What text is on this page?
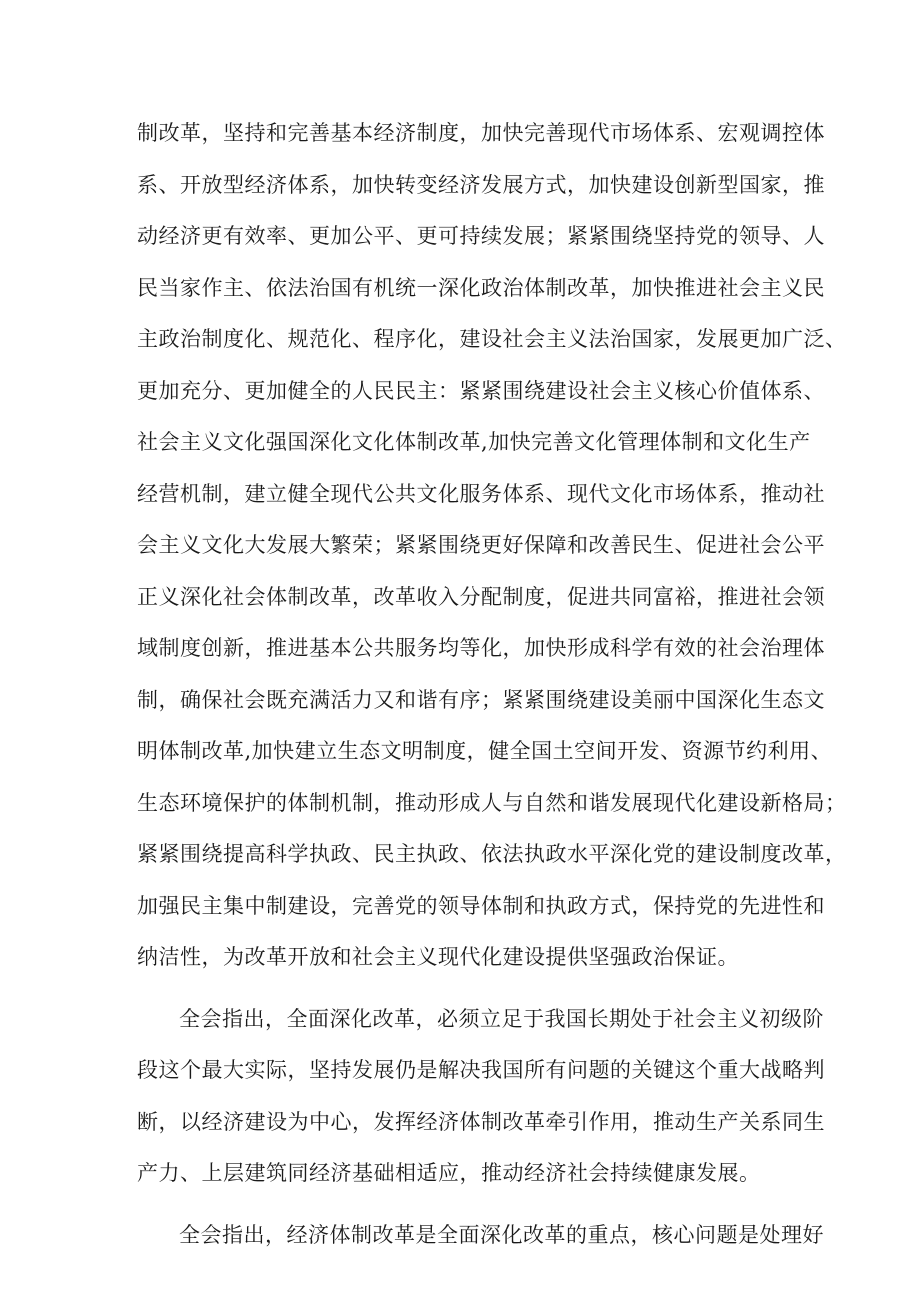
制改革，坚持和完善基本经济制度，加快完善现代市场体系、宏观调控体
系、开放型经济体系，加快转变经济发展方式，加快建设创新型国家，推
动经济更有效率、更加公平、更可持续发展；紧紧围绕坚持党的领导、人
民当家作主、依法治国有机统一深化政治体制改革，加快推进社会主义民
主政治制度化、规范化、程序化，建设社会主义法治国家，发展更加广泛、
更加充分、更加健全的人民民主：紧紧围绕建设社会主义核心价值体系、
社会主义文化强国深化文化体制改革,加快完善文化管理体制和文化生产
经营机制，建立健全现代公共文化服务体系、现代文化市场体系，推动社
会主义文化大发展大繁荣；紧紧围绕更好保障和改善民生、促进社会公平
正义深化社会体制改革，改革收入分配制度，促进共同富裕，推进社会领
域制度创新，推进基本公共服务均等化，加快形成科学有效的社会治理体
制，确保社会既充满活力又和谐有序；紧紧围绕建设美丽中国深化生态文
明体制改革,加快建立生态文明制度，健全国土空间开发、资源节约利用、
生态环境保护的体制机制，推动形成人与自然和谐发展现代化建设新格局；
紧紧围绕提高科学执政、民主执政、依法执政水平深化党的建设制度改革，
加强民主集中制建设，完善党的领导体制和执政方式，保持党的先进性和
纳洁性，为改革开放和社会主义现代化建设提供坚强政治保证。
全会指出，全面深化改革，必须立足于我国长期处于社会主义初级阶
段这个最大实际，坚持发展仍是解决我国所有问题的关键这个重大战略判
断，以经济建设为中心，发挥经济体制改革牵引作用，推动生产关系同生
产力、上层建筑同经济基础相适应，推动经济社会持续健康发展。
全会指出，经济体制改革是全面深化改革的重点，核心问题是处理好
